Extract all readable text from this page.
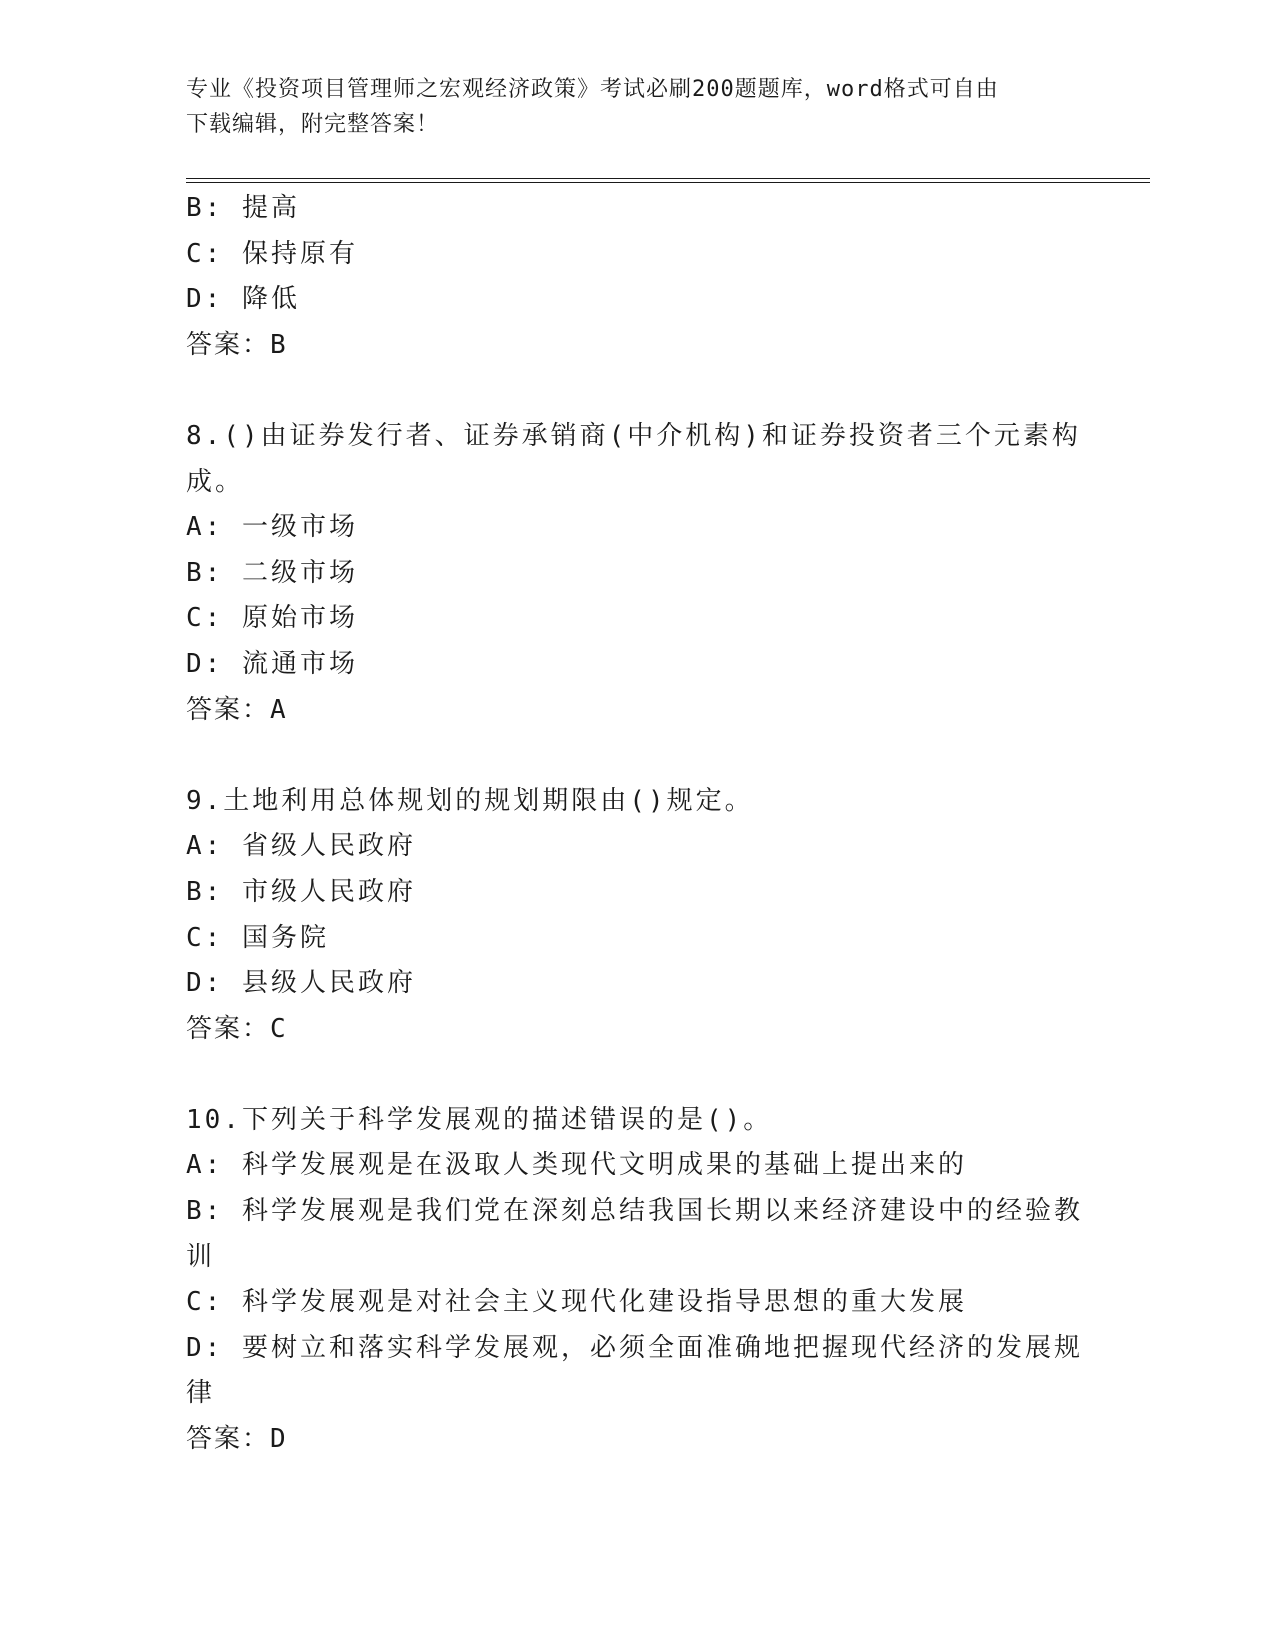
专业《投资项目管理师之宏观经济政策》考试必刷200题题库，word格式可自由
下载编辑，附完整答案！
B: 提高
C: 保持原有
D: 降低
答案：B
8.()由证券发行者、证券承销商(中介机构)和证券投资者三个元素构
成。
A: 一级市场
B: 二级市场
C: 原始市场
D: 流通市场
答案：A
9.土地利用总体规划的规划期限由()规定。
A: 省级人民政府
B: 市级人民政府
C: 国务院
D: 县级人民政府
答案：C
10.下列关于科学发展观的描述错误的是()。
A: 科学发展观是在汲取人类现代文明成果的基础上提出来的
B: 科学发展观是我们党在深刻总结我国长期以来经济建设中的经验教
训
C: 科学发展观是对社会主义现代化建设指导思想的重大发展
D: 要树立和落实科学发展观，必须全面准确地把握现代经济的发展规
律
答案：D
